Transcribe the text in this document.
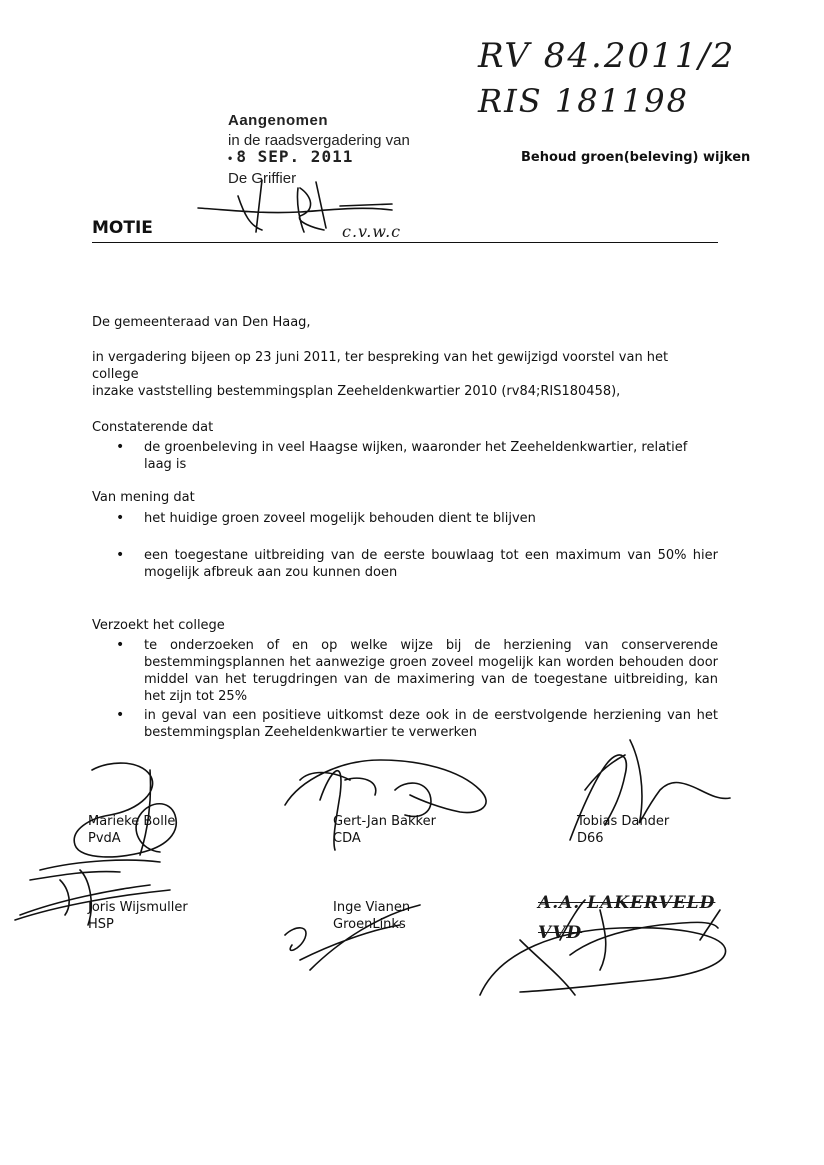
RV 84.2011/2
RIS 181198
Aangenomen
in de raadsvergadering van
• 8 SEP. 2011
De Griffier
c.v.w.c
MOTIE
Behoud groen(beleving) wijken
De gemeenteraad van Den Haag,
in vergadering bijeen op 23 juni 2011, ter bespreking van het gewijzigd voorstel van het college
inzake vaststelling bestemmingsplan Zeeheldenkwartier 2010 (rv84;RIS180458),
Constaterende dat
• de groenbeleving in veel Haagse wijken, waaronder het Zeeheldenkwartier, relatief laag is
Van mening dat
• het huidige groen zoveel mogelijk behouden dient te blijven
• een toegestane uitbreiding van de eerste bouwlaag tot een maximum van 50% hier mogelijk afbreuk aan zou kunnen doen
Verzoekt het college
• te onderzoeken of en op welke wijze bij de herziening van conserverende bestemmingsplannen het aanwezige groen zoveel mogelijk kan worden behouden door middel van het terugdringen van de maximering van de toegestane uitbreiding, kan het zijn tot 25%
• in geval van een positieve uitkomst deze ook in de eerstvolgende herziening van het bestemmingsplan Zeeheldenkwartier te verwerken
Marieke Bolle
PvdA
Gert-Jan Bakker
CDA
Tobias Dander
D66
Joris Wijsmuller
HSP
Inge Vianen
GroenLinks
A.A. LAKERVELD
VVD
